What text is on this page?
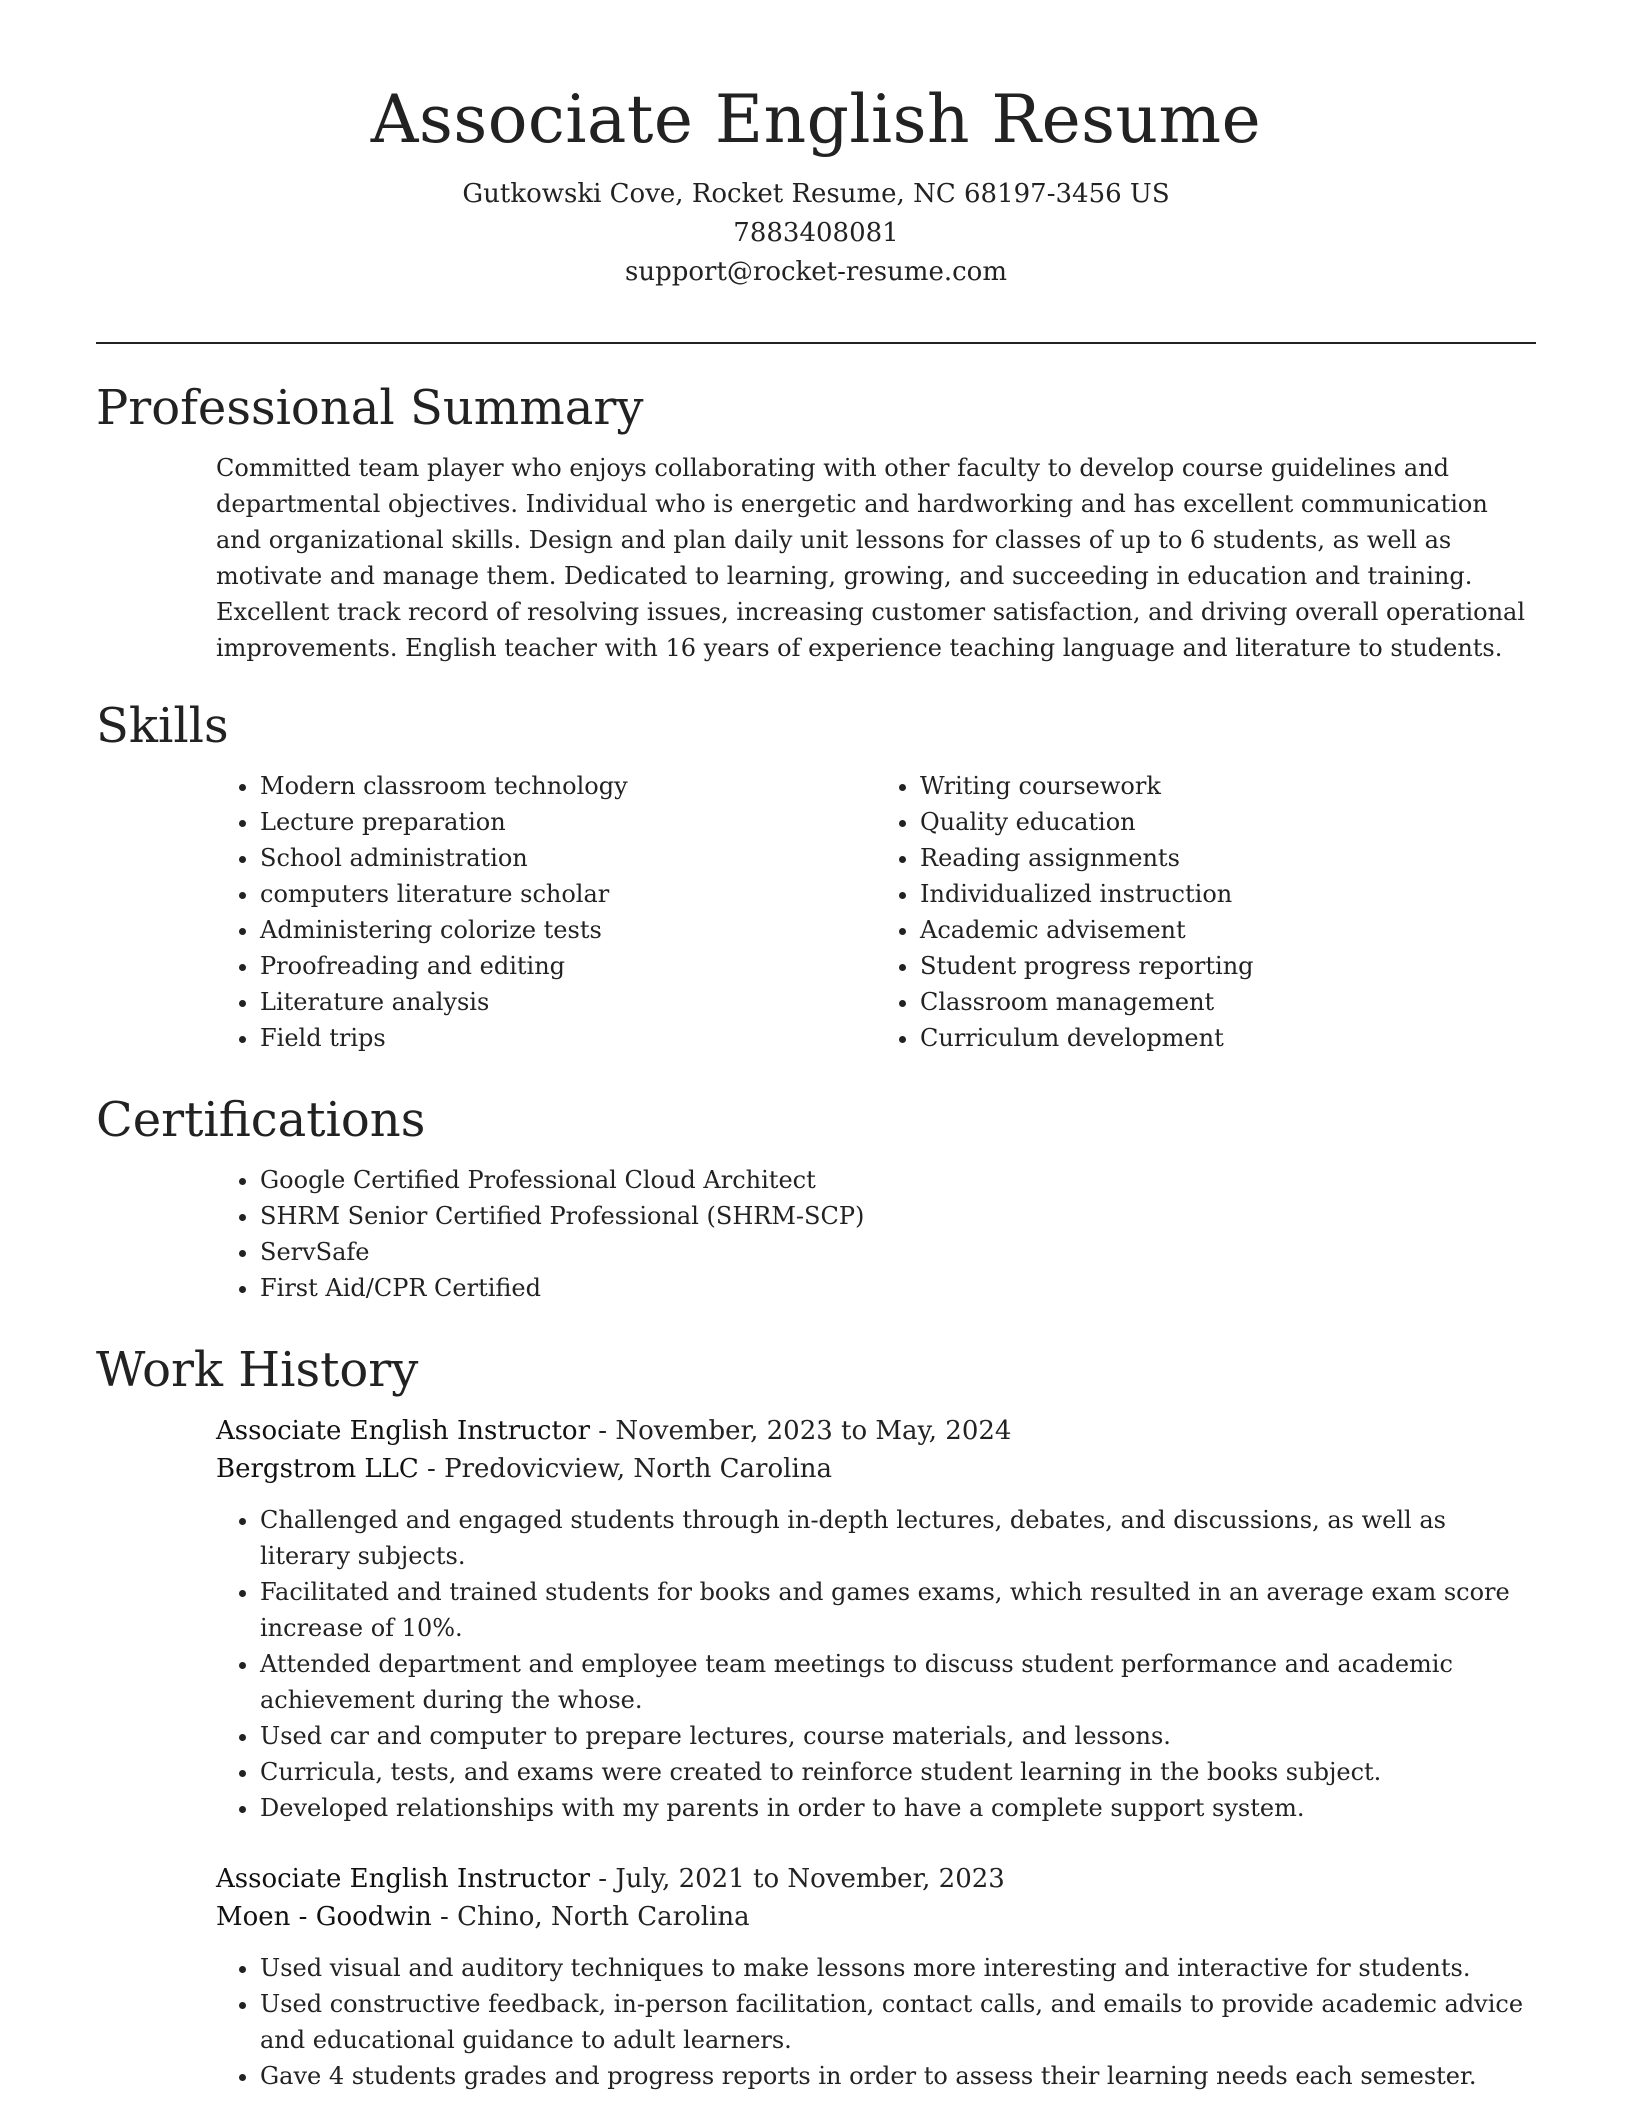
Associate English Resume
Gutkowski Cove, Rocket Resume, NC 68197-3456 US
7883408081
support@rocket-resume.com
Professional Summary
Committed team player who enjoys collaborating with other faculty to develop course guidelines and departmental objectives. Individual who is energetic and hardworking and has excellent communication and organizational skills. Design and plan daily unit lessons for classes of up to 6 students, as well as motivate and manage them. Dedicated to learning, growing, and succeeding in education and training. Excellent track record of resolving issues, increasing customer satisfaction, and driving overall operational improvements. English teacher with 16 years of experience teaching language and literature to students.
Skills
• Modern classroom technology
• Lecture preparation
• School administration
• computers literature scholar
• Administering colorize tests
• Proofreading and editing
• Literature analysis
• Field trips
• Writing coursework
• Quality education
• Reading assignments
• Individualized instruction
• Academic advisement
• Student progress reporting
• Classroom management
• Curriculum development
Certifications
• Google Certified Professional Cloud Architect
• SHRM Senior Certified Professional (SHRM-SCP)
• ServSafe
• First Aid/CPR Certified
Work History
Associate English Instructor - November, 2023 to May, 2024
Bergstrom LLC - Predovicview, North Carolina
• Challenged and engaged students through in-depth lectures, debates, and discussions, as well as literary subjects.
• Facilitated and trained students for books and games exams, which resulted in an average exam score increase of 10%.
• Attended department and employee team meetings to discuss student performance and academic achievement during the whose.
• Used car and computer to prepare lectures, course materials, and lessons.
• Curricula, tests, and exams were created to reinforce student learning in the books subject.
• Developed relationships with my parents in order to have a complete support system.
Associate English Instructor - July, 2021 to November, 2023
Moen - Goodwin - Chino, North Carolina
• Used visual and auditory techniques to make lessons more interesting and interactive for students.
• Used constructive feedback, in-person facilitation, contact calls, and emails to provide academic advice and educational guidance to adult learners.
• Gave 4 students grades and progress reports in order to assess their learning needs each semester.
